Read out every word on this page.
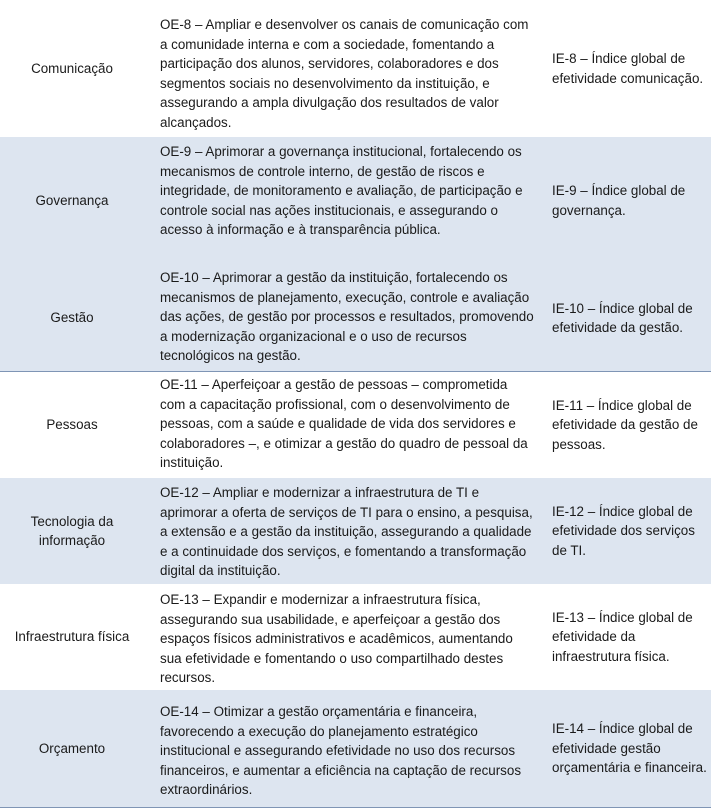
Comunicação
OE-8 – Ampliar e desenvolver os canais de comunicação com a comunidade interna e com a sociedade, fomentando a participação dos alunos, servidores, colaboradores e dos segmentos sociais no desenvolvimento da instituição, e assegurando a ampla divulgação dos resultados de valor alcançados.
IE-8 – Índice global de efetividade comunicação.
Governança
OE-9 – Aprimorar a governança institucional, fortalecendo os mecanismos de controle interno, de gestão de riscos e integridade, de monitoramento e avaliação, de participação e controle social nas ações institucionais, e assegurando o acesso à informação e à transparência pública.
IE-9 – Índice global de governança.
Gestão
OE-10 – Aprimorar a gestão da instituição, fortalecendo os mecanismos de planejamento, execução, controle e avaliação das ações, de gestão por processos e resultados, promovendo a modernização organizacional e o uso de recursos tecnológicos na gestão.
IE-10 – Índice global de efetividade da gestão.
Pessoas
OE-11 – Aperfeiçoar a gestão de pessoas – comprometida com a capacitação profissional, com o desenvolvimento de pessoas, com a saúde e qualidade de vida dos servidores e colaboradores –, e otimizar a gestão do quadro de pessoal da instituição.
IE-11 – Índice global de efetividade da gestão de pessoas.
Tecnologia da informação
OE-12 – Ampliar e modernizar a infraestrutura de TI e aprimorar a oferta de serviços de TI para o ensino, a pesquisa, a extensão e a gestão da instituição, assegurando a qualidade e a continuidade dos serviços, e fomentando a transformação digital da instituição.
IE-12 – Índice global de efetividade dos serviços de TI.
Infraestrutura física
OE-13 – Expandir e modernizar a infraestrutura física, assegurando sua usabilidade, e aperfeiçoar a gestão dos espaços físicos administrativos e acadêmicos, aumentando sua efetividade e fomentando o uso compartilhado destes recursos.
IE-13 – Índice global de efetividade da infraestrutura física.
Orçamento
OE-14 – Otimizar a gestão orçamentária e financeira, favorecendo a execução do planejamento estratégico institucional e assegurando efetividade no uso dos recursos financeiros, e aumentar a eficiência na captação de recursos extraordinários.
IE-14 – Índice global de efetividade gestão orçamentária e financeira.
